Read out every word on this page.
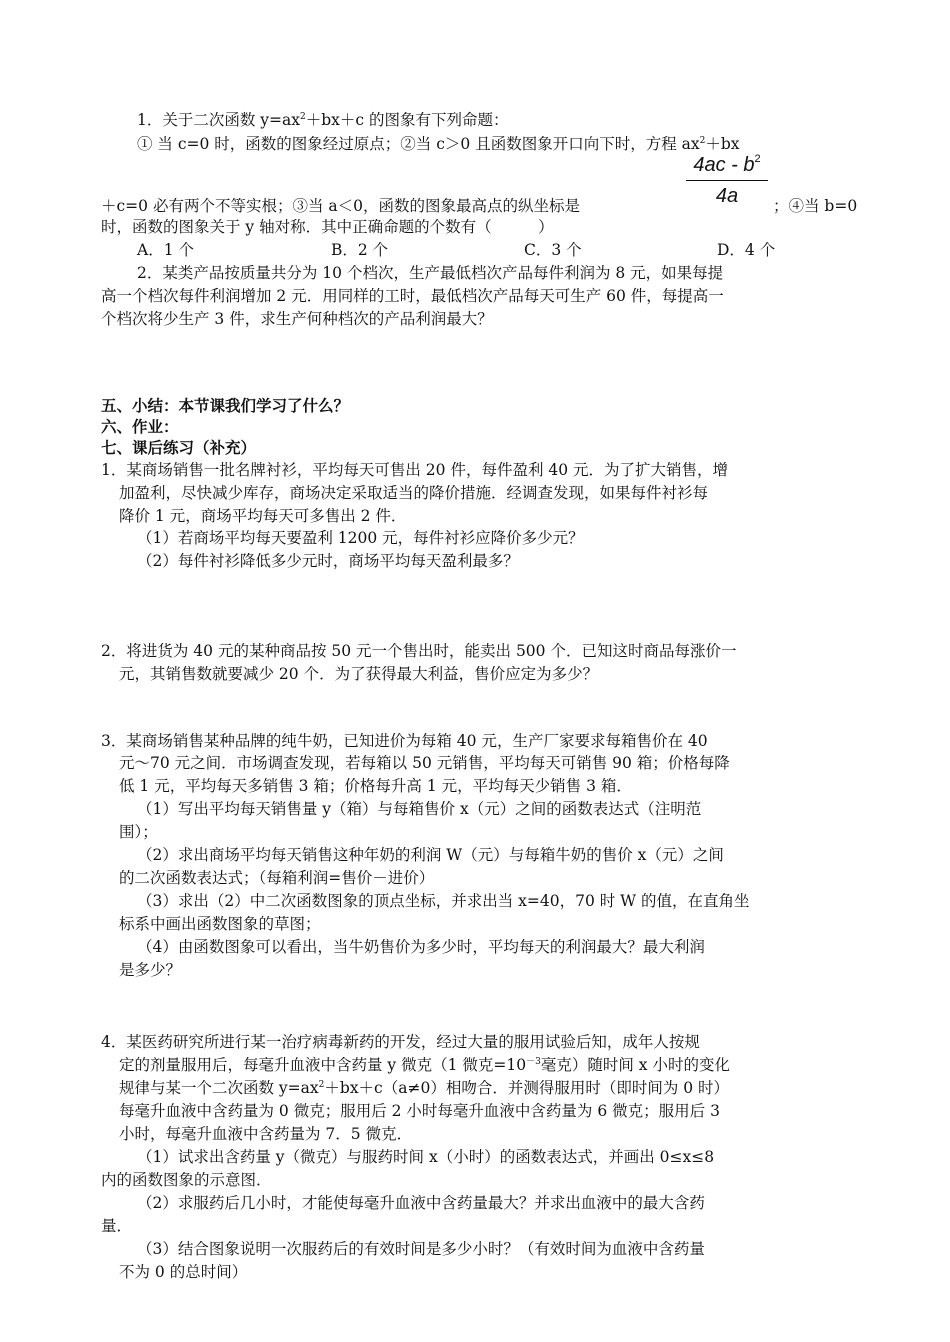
1．关于二次函数 $y=ax^2+bx+c$ 的图象有下列命题：
① 当 c=0 时，函数的图象经过原点；②当 c＞0 且函数图象开口向下时，方程 $ax^2+bx$
＋c=0 必有两个不等实根；③当 a＜0，函数的图象最高点的纵坐标是
$4ac - b^2$
4a	；④当 b=0
时，函数的图象关于 y 轴对称．其中正确命题的个数有（　　　）
A．1 个	B．2 个	C．3 个	D．4 个
2．某类产品按质量共分为 10 个档次，生产最低档次产品每件利润为 8 元，如果每提
高一个档次每件利润增加 2 元．用同样的工时，最低档次产品每天可生产 60 件，每提高一
个档次将少生产 3 件，求生产何种档次的产品利润最大？
五、小结：本节课我们学习了什么？
六、作业：
七、课后练习（补充）
1．某商场销售一批名牌衬衫，平均每天可售出 20 件，每件盈利 40 元．为了扩大销售，增
加盈利，尽快减少库存，商场决定采取适当的降价措施．经调查发现，如果每件衬衫每
降价 1 元，商场平均每天可多售出 2 件．
（1）若商场平均每天要盈利 1200 元，每件衬衫应降价多少元？
（2）每件衬衫降低多少元时，商场平均每天盈利最多？
2．将进货为 40 元的某种商品按 50 元一个售出时，能卖出 500 个．已知这时商品每涨价一
元，其销售数就要减少 20 个．为了获得最大利益，售价应定为多少？
3．某商场销售某种品牌的纯牛奶，已知进价为每箱 40 元，生产厂家要求每箱售价在 40
元～70 元之间．市场调查发现，若每箱以 50 元销售，平均每天可销售 90 箱；价格每降
低 1 元，平均每天多销售 3 箱；价格每升高 1 元，平均每天少销售 3 箱．
（1）写出平均每天销售量 y（箱）与每箱售价 x（元）之间的函数表达式（注明范
围）；
（2）求出商场平均每天销售这种年奶的利润 W（元）与每箱牛奶的售价 x（元）之间
的二次函数表达式；（每箱利润=售价－进价）
（3）求出（2）中二次函数图象的顶点坐标，并求出当 x=40，70 时 W 的值，在直角坐
标系中画出函数图象的草图；
（4）由函数图象可以看出，当牛奶售价为多少时，平均每天的利润最大？最大利润
是多少？
4．某医药研究所进行某一治疗病毒新药的开发，经过大量的服用试验后知，成年人按规
定的剂量服用后，每毫升血液中含药量 y 微克（1 微克$=10^{-3}$毫克）随时间 x 小时的变化
规律与某一个二次函数 $y=ax^2+bx+c(a\ne 0)$相吻合．并测得服用时（即时间为 0 时）
每毫升血液中含药量为 0 微克；服用后 2 小时每毫升血液中含药量为 6 微克；服用后 3
小时，每毫升血液中含药量为 7．5 微克．
（1）试求出含药量 y（微克）与服药时间 x（小时）的函数表达式，并画出 0≤x≤8
内的函数图象的示意图．
（2）求服药后几小时，才能使每毫升血液中含药量最大？并求出血液中的最大含药
量．
（3）结合图象说明一次服药后的有效时间是多少小时？（有效时间为血液中含药量
不为 0 的总时间）
